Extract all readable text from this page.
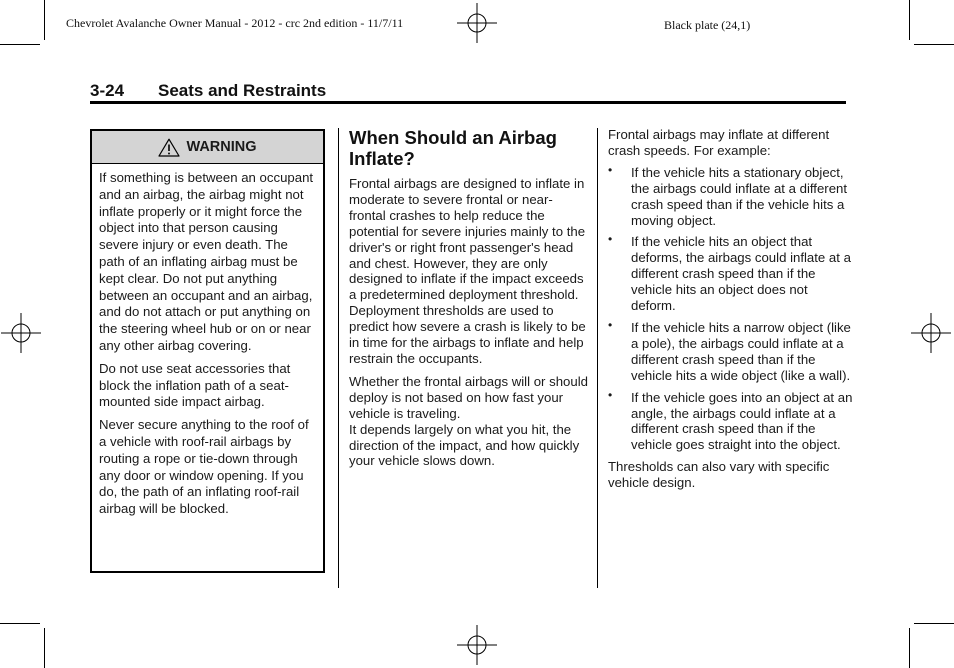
Chevrolet Avalanche Owner Manual - 2012 - crc 2nd edition - 11/7/11	Black plate (24,1)
3-24 Seats and Restraints
WARNING

If something is between an occupant and an airbag, the airbag might not inflate properly or it might force the object into that person causing severe injury or even death. The path of an inflating airbag must be kept clear. Do not put anything between an occupant and an airbag, and do not attach or put anything on the steering wheel hub or on or near any other airbag covering.

Do not use seat accessories that block the inflation path of a seat-mounted side impact airbag.

Never secure anything to the roof of a vehicle with roof-rail airbags by routing a rope or tie-down through any door or window opening. If you do, the path of an inflating roof-rail airbag will be blocked.

When Should an Airbag Inflate?

Frontal airbags are designed to inflate in moderate to severe frontal or near-frontal crashes to help reduce the potential for severe injuries mainly to the driver's or right front passenger's head and chest. However, they are only designed to inflate if the impact exceeds a predetermined deployment threshold. Deployment thresholds are used to predict how severe a crash is likely to be in time for the airbags to inflate and help restrain the occupants.

Whether the frontal airbags will or should deploy is not based on how fast your vehicle is traveling.

It depends largely on what you hit, the direction of the impact, and how quickly your vehicle slows down.

Frontal airbags may inflate at different crash speeds. For example:

• If the vehicle hits a stationary object, the airbags could inflate at a different crash speed than if the vehicle hits a moving object.
• If the vehicle hits an object that deforms, the airbags could inflate at a different crash speed than if the vehicle hits an object does not deform.
• If the vehicle hits a narrow object (like a pole), the airbags could inflate at a different crash speed than if the vehicle hits a wide object (like a wall).
• If the vehicle goes into an object at an angle, the airbags could inflate at a different crash speed than if the vehicle goes straight into the object.

Thresholds can also vary with specific vehicle design.
